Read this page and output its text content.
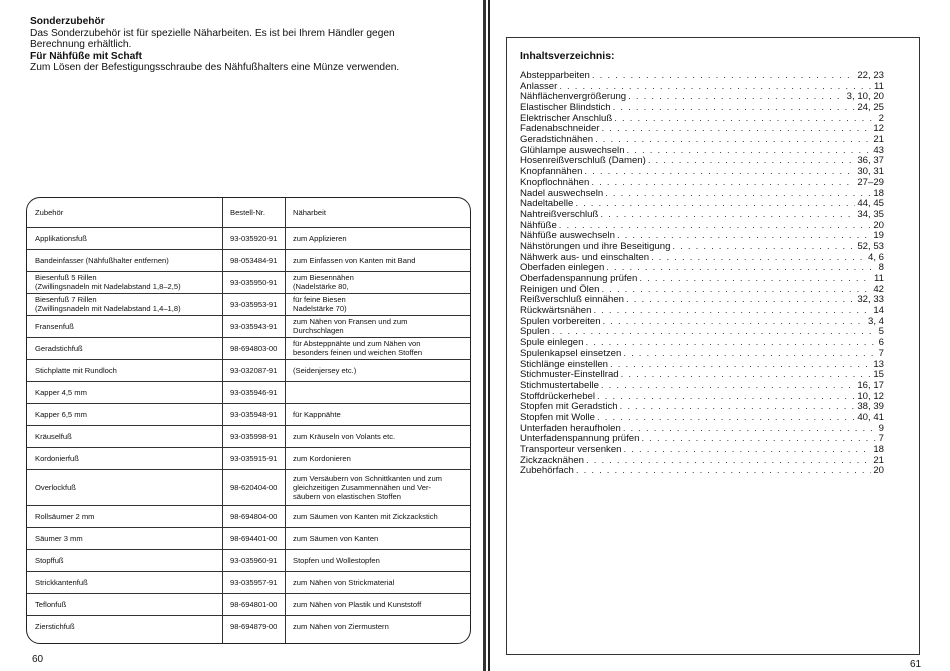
Sonderzubehör
Das Sonderzubehör ist für spezielle Näharbeiten. Es ist bei Ihrem Händler gegen
Berechnung erhältlich.
Für Nähfüße mit Schaft
Zum Lösen der Befestigungsschraube des Nähfußhalters eine Münze verwenden.
Zubehör	Bestell-Nr.	Näharbeit
Applikationsfuß	93-035920-91 zum Applizieren
Bandeinfasser (Nähfußhalter entfernen)	98-053484-91 zum Einfassen von Kanten mit Band
Biesenfuß 5 Rillen
(Zwillingsnadeln mit Nadelabstand 1,8–2,5)	93-035950-91 zum Biesennähen
(Nadelstärke 80,
Biesenfuß 7 Rillen
(Zwillingsnadeln mit Nadelabstand 1,4–1,8)	93-035953-91 für feine Biesen
Nadelstärke 70)
Fransenfuß	93-035943-91 zum Nähen von Fransen und zum
Durchschlagen
Geradstichfuß	98-694803-00 für Absteppnähte und zum Nähen von
besonders feinen und weichen Stoffen
Stichplatte mit Rundloch	93-032087-91 (Seidenjersey etc.)
Kapper 4,5 mm	93-035946-91
Kapper 6,5 mm	93-035948-91 für Kappnähte
Kräuselfuß	93-035998-91 zum Kräuseln von Volants etc.
Kordonierfuß	93-035915-91 zum Kordonieren
Overlockfuß	98-620404-00
zum Versäubern von Schnittkanten und zum
gleichzeitigen Zusammennähen und Ver-
säubern von elastischen Stoffen
Rollsäumer 2 mm	98-694804-00 zum Säumen von Kanten mit Zickzackstich
Säumer 3 mm	98-694401-00 zum Säumen von Kanten
Stopffuß	93-035960-91 Stopfen und Wollestopfen
Strickkantenfuß	93-035957-91 zum Nähen von Strickmaterial
Teflonfuß	98-694801-00 zum Nähen von Plastik und Kunststoff
Zierstichfuß	98-694879-00 zum Nähen von Ziermustern
60
Inhaltsverzeichnis:
Abstepparbeiten . . .	22, 23
Anlasser . . .	11
Nähflächenvergrößerung . . .	3, 10, 20
Elastischer Blindstich . . .	24, 25
Elektrischer Anschluß . . .	2
Fadenabschneider . . .	12
Geradstichnähen . . .	21
Glühlampe auswechseln . . .	43
Hosenreißverschluß (Damen) . . .	36, 37
Knopfannähen . . .	30, 31
Knopflochnähen . . .	27–29
Nadel auswechseln . . .	18
Nadeltabelle . . .	44, 45
Nahtreißverschluß . . .	34, 35
Nähfüße . . .	20
Nähfüße auswechseln . . .	19
Nähstörungen und ihre Beseitigung . . .	52, 53
Nähwerk aus- und einschalten . . .	4, 6
Oberfaden einlegen . . .	8
Oberfadenspannung prüfen . . .	11
Reinigen und Ölen . . .	42
Reißverschluß einnähen . . .	32, 33
Rückwärtsnähen . . .	14
Spulen vorbereiten . . .	3, 4
Spulen . . .	5
Spule einlegen . . .	6
Spulenkapsel einsetzen . . .	7
Stichlänge einstellen . . .	13
Stichmuster-Einstellrad . . .	15
Stichmustertabelle . . .	16, 17
Stoffdrückerhebel . . .	10, 12
Stopfen mit Geradstich . . .	38, 39
Stopfen mit Wolle . . .	40, 41
Unterfaden heraufholen . . .	9
Unterfadenspannung prüfen . . .	7
Transporteur versenken . . .	18
Zickzacknähen . . .	21
Zubehörfach . . .	20
61
